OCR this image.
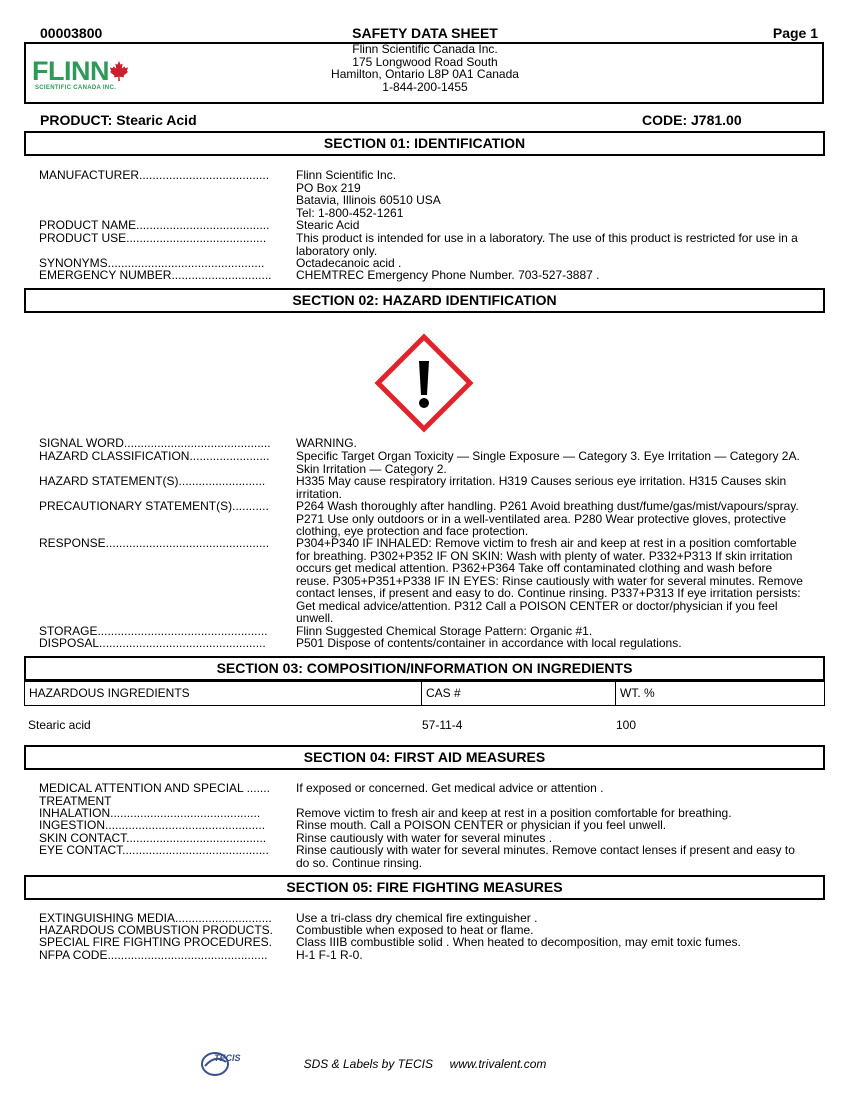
00003800	SAFETY DATA SHEET	Page 1
Flinn Scientific Canada Inc.
175 Longwood Road South
Hamilton, Ontario L8P 0A1 Canada
1-844-200-1455
FLINN
SCIENTIFIC CANADA INC.
PRODUCT: Stearic Acid	CODE: J781.00
SECTION 01: IDENTIFICATION
MANUFACTURER....................................... Flinn Scientific Inc.
PO Box 219
Batavia, Illinois 60510 USA
Tel: 1-800-452-1261
PRODUCT NAME........................................ Stearic Acid
PRODUCT USE.......................................... This product is intended for use in a laboratory. The use of this product is restricted for use in a laboratory only.
SYNONYMS...............................................	Octadecanoic acid .
EMERGENCY NUMBER.............................. CHEMTREC Emergency Phone Number. 703-527-3887 .
SECTION 02: HAZARD IDENTIFICATION
SIGNAL WORD............................................ WARNING.
HAZARD CLASSIFICATION........................ Specific Target Organ Toxicity — Single Exposure — Category 3. Eye Irritation — Category 2A. Skin Irritation — Category 2.
HAZARD STATEMENT(S)..........................	H335 May cause respiratory irritation. H319 Causes serious eye irritation. H315 Causes skin irritation.
PRECAUTIONARY STATEMENT(S)........... P264 Wash thoroughly after handling. P261 Avoid breathing dust/fume/gas/mist/vapours/spray. P271 Use only outdoors or in a well-ventilated area. P280 Wear protective gloves, protective clothing, eye protection and face protection.
RESPONSE................................................. P304+P340 IF INHALED: Remove victim to fresh air and keep at rest in a position comfortable for breathing. P302+P352 IF ON SKIN: Wash with plenty of water. P332+P313 If skin irritation occurs get medical attention. P362+P364 Take off contaminated clothing and wash before reuse. P305+P351+P338 IF IN EYES: Rinse cautiously with water for several minutes. Remove contact lenses, if present and easy to do. Continue rinsing. P337+P313 If eye irritation persists: Get medical advice/attention. P312 Call a POISON CENTER or doctor/physician if you feel unwell.
STORAGE................................................... Flinn Suggested Chemical Storage Pattern: Organic #1.
DISPOSAL..................................................	P501 Dispose of contents/container in accordance with local regulations.
SECTION 03: COMPOSITION/INFORMATION ON INGREDIENTS
HAZARDOUS INGREDIENTS	CAS #	WT. %
Stearic acid	57-11-4	100
SECTION 04: FIRST AID MEASURES
MEDICAL ATTENTION AND SPECIAL .......
TREATMENT
If exposed or concerned. Get medical advice or attention .
INHALATION.............................................	Remove victim to fresh air and keep at rest in a position comfortable for breathing.
INGESTION................................................	Rinse mouth. Call a POISON CENTER or physician if you feel unwell.
SKIN CONTACT.......................................... Rinse cautiously with water for several minutes .
EYE CONTACT............................................ Rinse cautiously with water for several minutes. Remove contact lenses if present and easy to do so. Continue rinsing.
SECTION 05: FIRE FIGHTING MEASURES
EXTINGUISHING MEDIA............................. Use a tri-class dry chemical fire extinguisher .
HAZARDOUS COMBUSTION PRODUCTS. Combustible when exposed to heat or flame.
SPECIAL FIRE FIGHTING PROCEDURES. Class IIIB combustible solid . When heated to decomposition, may emit toxic fumes.
NFPA CODE................................................ H-1 F-1 R-0.
TECIS	SDS & Labels by TECIS     www.trivalent.com
